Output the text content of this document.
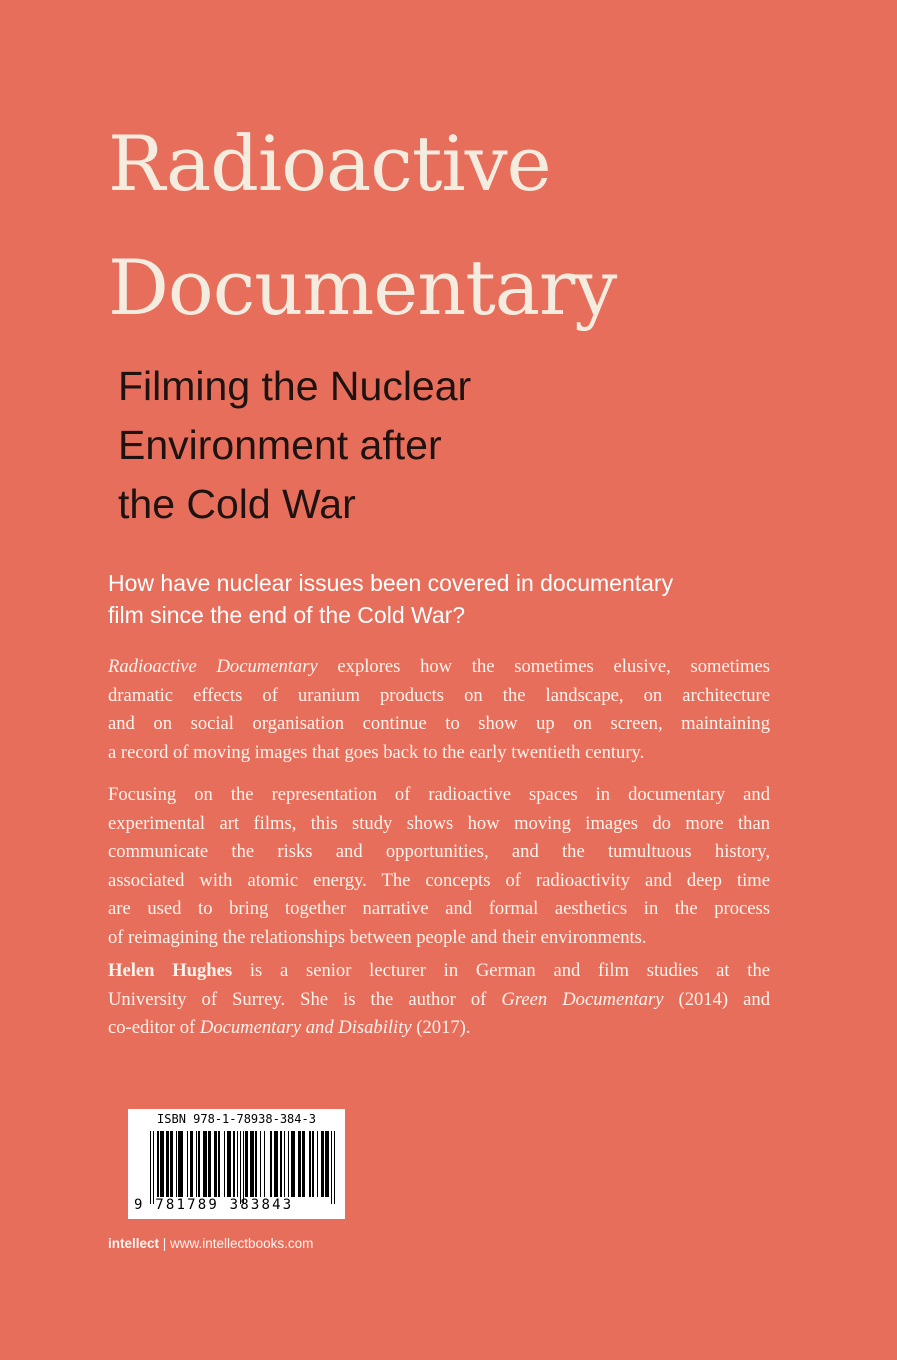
Radioactive
Documentary
Filming the Nuclear
Environment after
the Cold War
How have nuclear issues been covered in documentary
film since the end of the Cold War?
Radioactive Documentary explores how the sometimes elusive, sometimes
dramatic effects of uranium products on the landscape, on architecture
and on social organisation continue to show up on screen, maintaining
a record of moving images that goes back to the early twentieth century.
Focusing on the representation of radioactive spaces in documentary and
experimental art films, this study shows how moving images do more than
communicate the risks and opportunities, and the tumultuous history,
associated with atomic energy. The concepts of radioactivity and deep time
are used to bring together narrative and formal aesthetics in the process
of reimagining the relationships between people and their environments.
Helen Hughes is a senior lecturer in German and film studies at the
University of Surrey. She is the author of Green Documentary (2014) and
co-editor of Documentary and Disability (2017).
ISBN 978-1-78938-384-3
9 781789 383843
intellect | www.intellectbooks.com
